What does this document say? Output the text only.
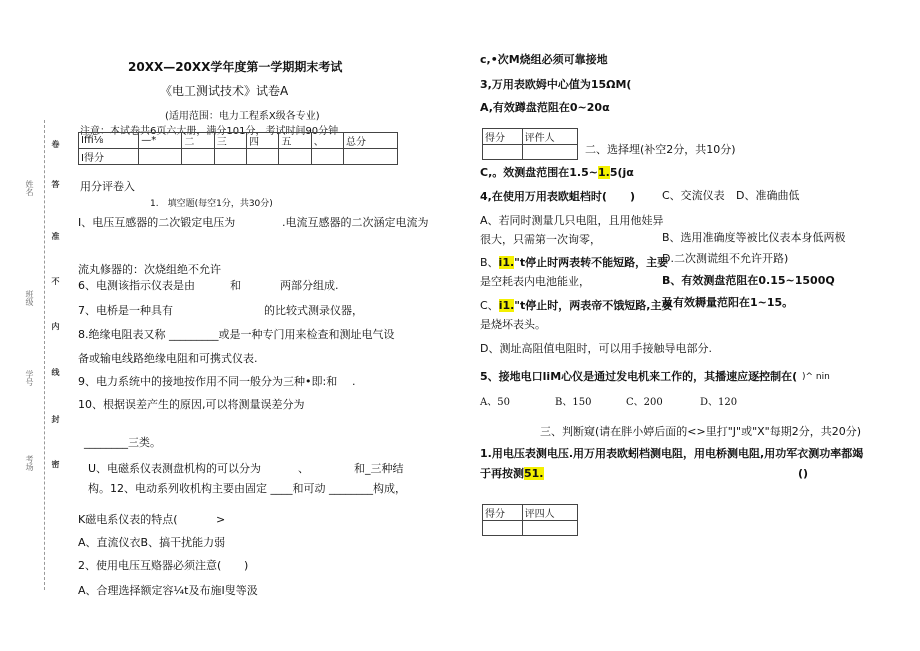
姓名
班级
学号
考场
卷
答
准
不
内
线
封
密
20XX—20XX学年度第一学期期末考试
《电工测试技术》试卷A
(适用范围：电力工程系X级各专业)
注意：本试卷共6页六大册，满分101分，考试时间90分钟
Iffi⅛	—*	二	三	四	五	、	总分
I得分							
用分评卷入
1.　填空题(每空1分，共30分)
I、电压互感器的二次锻定电压为	.电流互感器的二次涵定电流为
流丸修器的：次烧组绝不允许
6、电测该指示仪表是由	和	两部分组成.
7、电桥是一种具有	的比较式测录仪器，
8.绝缘电阻表又称 _________或是一种专门用来检查和测址电气设
备或输电线路绝缘电阻和可携式仪表.
9、电力系统中的接地按作用不同一般分为三种•即:和 .
10、根据误差产生的原因,可以将测量误差分为
________三类。
U、电磁系仪表测盘机构的可以分为	、	和_三种结
构。12、电动系列收机构主要由固定 ____和可动 ________构成，
K磁电系仪表的特点(	>
A、直流仪衣B、搞干扰能力弱
2、使用电压互赂器必须注意( )
A、合理选择额定容¼t及布施I叟等汲
c,•次M烧组必须可靠接地
3,万用表欧姆中心值为15ΩM(
A,有效蹲盘范阻在0~20α
得分	评件人

二、选择埋(补空2分，共10分)
C,。效测盘范围在1.5~1.5(jα
4,在使用万用表欧蛆档时( ) C、交流仪表 D、准确曲低
A、若同时测量几只电阻，且用他娃异
很大，只需第一次询零，	B、选用准确度等被比仪表本身低两极
B、i1."t停止时两表转不能短路，主要
是空耗表内电池能业，
D.二次测谎组不允许开路)
B、有效测盘范阻在0.15~1500Q
C、i1."t停止时，两表帝不饿短路,主要
是烧坏表头。
及有效耨量范阳在1~15。
D、测址高阻值电阻时，可以用手接触导电部分.
5、接地电口liM心仪是通过发电机来工作的，其播速应逐控制在( )^ nin
A、50	B、150	C、200	D、120
三、判断窥(请在胖小婷后面的<>里打"J"或"X"每期2分，共20分)
1.用电压表测电压.用万用表欧蚓档测电阻，用电桥测电阻,用功军衣测功率都竭
于再按测51.	()
得分	评四人
